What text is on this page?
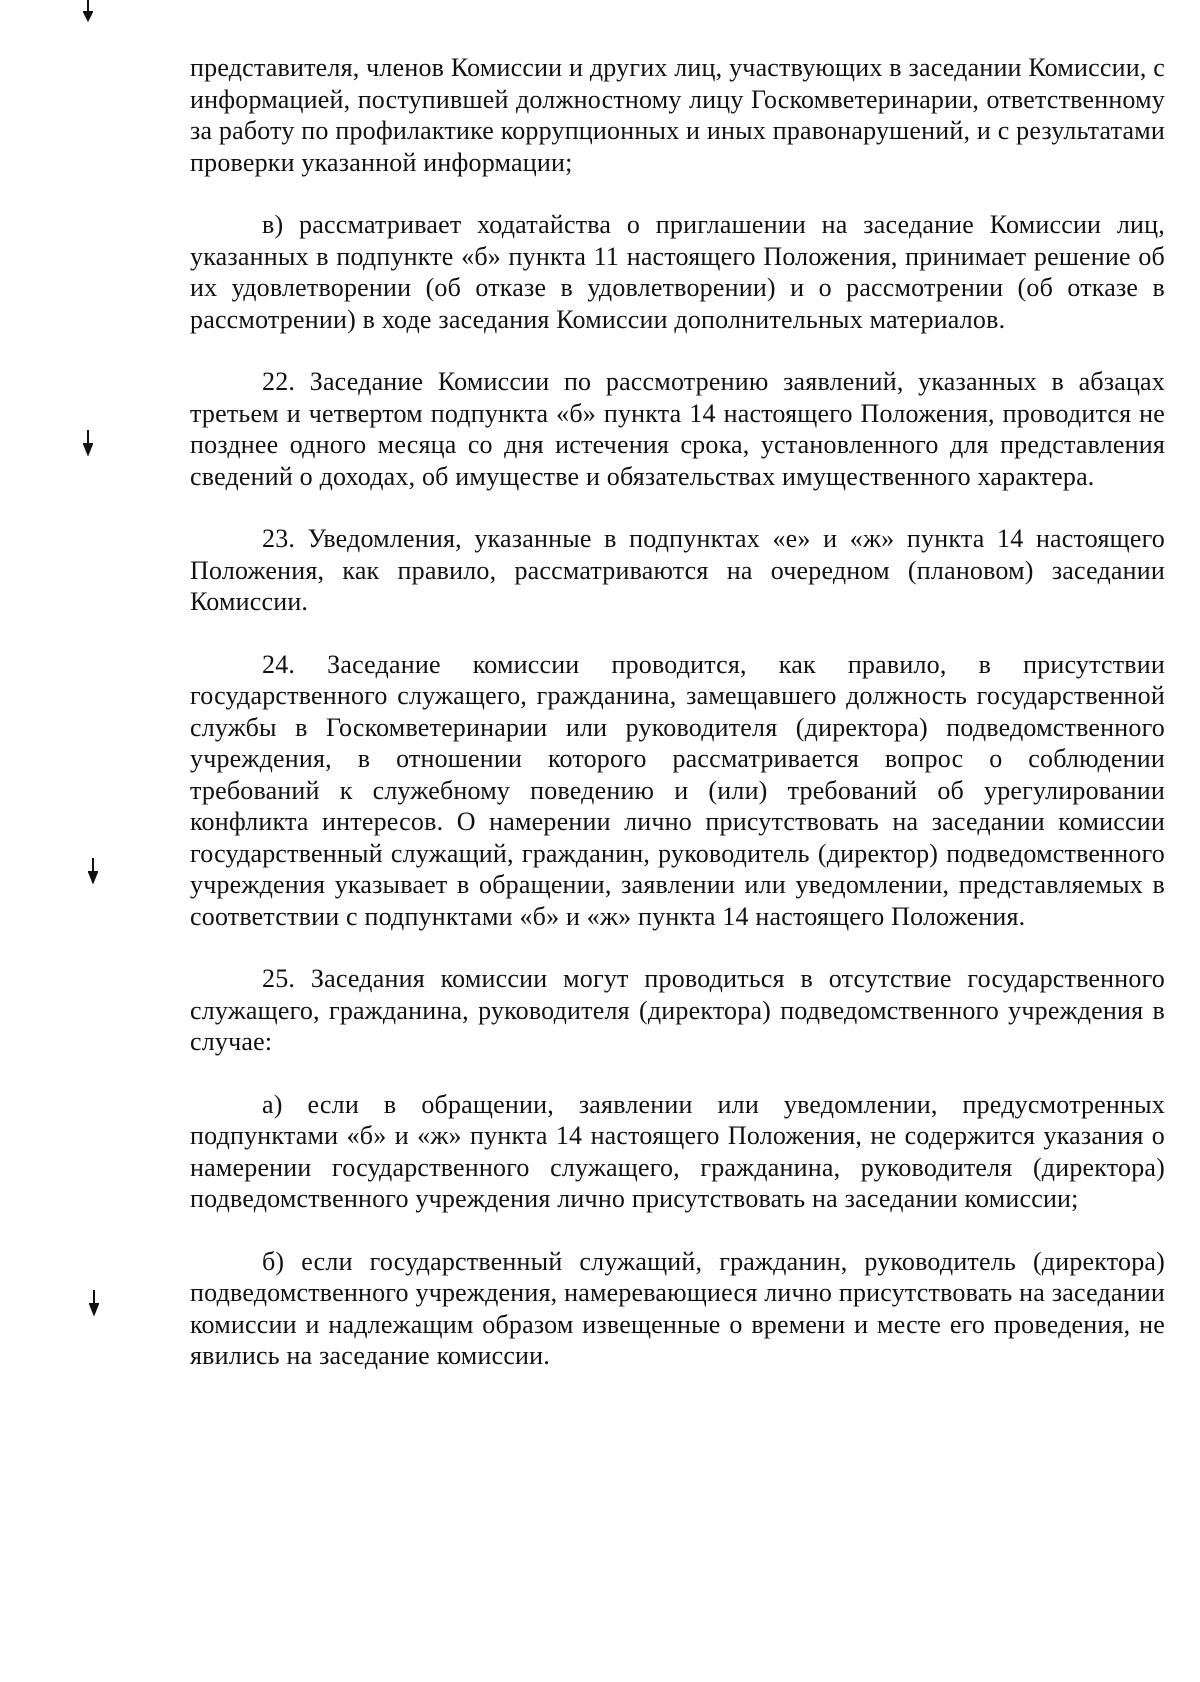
представителя, членов Комиссии и других лиц, участвующих в заседании Комиссии, с информацией, поступившей должностному лицу Госкомветеринарии, ответственному за работу по профилактике коррупционных и иных правонарушений, и с результатами проверки указанной информации;

в) рассматривает ходатайства о приглашении на заседание Комиссии лиц, указанных в подпункте «б» пункта 11 настоящего Положения, принимает решение об их удовлетворении (об отказе в удовлетворении) и о рассмотрении (об отказе в рассмотрении) в ходе заседания Комиссии дополнительных материалов.

22. Заседание Комиссии по рассмотрению заявлений, указанных в абзацах третьем и четвертом подпункта «б» пункта 14 настоящего Положения, проводится не позднее одного месяца со дня истечения срока, установленного для представления сведений о доходах, об имуществе и обязательствах имущественного характера.

23. Уведомления, указанные в подпунктах «е» и «ж» пункта 14 настоящего Положения, как правило, рассматриваются на очередном (плановом) заседании Комиссии.

24. Заседание комиссии проводится, как правило, в присутствии государственного служащего, гражданина, замещавшего должность государственной службы в Госкомветеринарии или руководителя (директора) подведомственного учреждения, в отношении которого рассматривается вопрос о соблюдении требований к служебному поведению и (или) требований об урегулировании конфликта интересов. О намерении лично присутствовать на заседании комиссии государственный служащий, гражданин, руководитель (директор) подведомственного учреждения указывает в обращении, заявлении или уведомлении, представляемых в соответствии с подпунктами «б» и «ж» пункта 14 настоящего Положения.

25. Заседания комиссии могут проводиться в отсутствие государственного служащего, гражданина, руководителя (директора) подведомственного учреждения в случае:

а) если в обращении, заявлении или уведомлении, предусмотренных подпунктами «б» и «ж» пункта 14 настоящего Положения, не содержится указания о намерении государственного служащего, гражданина, руководителя (директора) подведомственного учреждения лично присутствовать на заседании комиссии;

б) если государственный служащий, гражданин, руководитель (директора) подведомственного учреждения, намеревающиеся лично присутствовать на заседании комиссии и надлежащим образом извещенные о времени и месте его проведения, не явились на заседание комиссии.
